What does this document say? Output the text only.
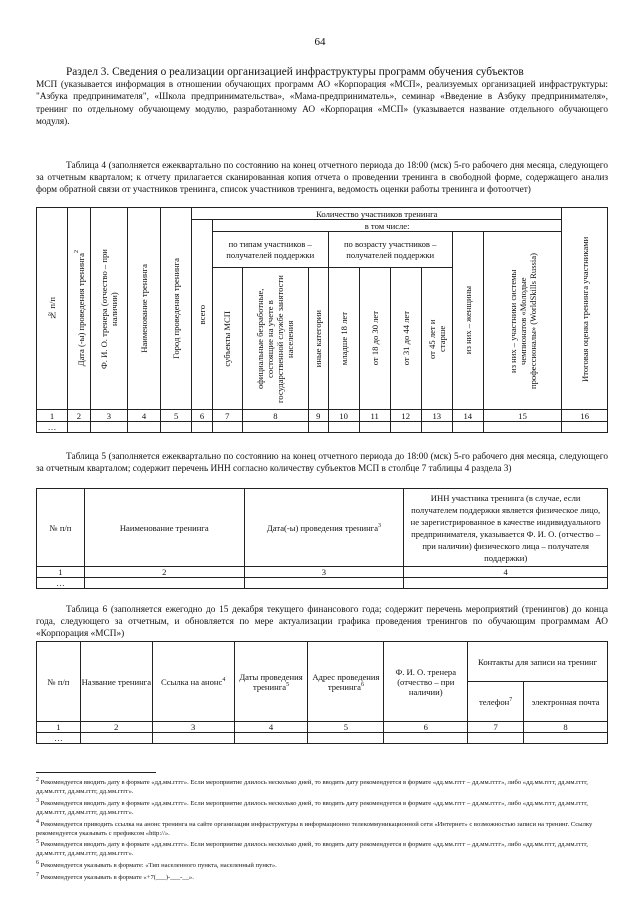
64
Раздел 3. Сведения о реализации организацией инфраструктуры программ обучения субъектов
МСП (указывается информация в отношении обучающих программ АО «Корпорация «МСП», реализуемых организацией инфраструктуры: "Азбука предпринимателя", «Школа предпринимательства», «Мама-предприниматель», семинар «Введение в Азбуку предпринимателя», тренинг по отдельному обучающему модулю, разработанному АО «Корпорация «МСП» (указывается название отдельного обучающего модуля).
Таблица 4 (заполняется ежеквартально по состоянию на конец отчетного периода до 18:00 (мск) 5-го рабочего дня месяца, следующего за отчетным кварталом; к отчету прилагается сканированная копия отчета о проведении тренинга в свободной форме, содержащего анализ форм обратной связи от участников тренинга, список участников тренинга, ведомость оценки работы тренинга и фотоотчет)
№ п/п	Дата (-ы) проведения тренинга$^2$	Ф. И. О. тренера (отчество – при наличии)	Наименование тренинга	Город проведения тренинга	Количество участников тренинга										Итоговая оценка тренинга участниками

					всего	в том числе:									
						по типам участников – получателей поддержки			по возрасту участников – получателей поддержки				из них – женщины	из них – участники системы чемпионатов «Молодые профессионалы» (WorldSkills Russia)	

						субъекты МСП	официальные безработные, состоящие на учете в государственной службе занятости населения	иные категории	младше 18 лет	от 18 до 30 лет	от 31 до 44 лет	от 45 лет и старше			

1	2	3	4	5	6	7	8	9	10	11	12	13	14	15	16
…															
Таблица 5 (заполняется ежеквартально по состоянию на конец отчетного периода до 18:00 (мск) 5-го рабочего дня месяца, следующего за отчетным кварталом; содержит перечень ИНН согласно количеству субъектов МСП в столбце 7 таблицы 4 раздела 3)
№ п/п	Наименование тренинга	Дата(-ы) проведения тренинга$^3$	ИНН участника тренинга (в случае, если получателем поддержки является физическое лицо, не зарегистрированное в качестве индивидуального предпринимателя, указывается Ф. И. О. (отчество – при наличии) физического лица – получателя поддержки)
1	2	3	4
…			
Таблица 6 (заполняется ежегодно до 15 декабря текущего финансового года; содержит перечень мероприятий (тренингов) до конца года, следующего за отчетным, и обновляется по мере актуализации графика проведения тренингов по обучающим программам АО «Корпорация «МСП»)
№ п/п	Название тренинга	Ссылка на анонс$^4$	Даты проведения тренинга$^5$	Адрес проведения тренинга$^6$	Ф. И. О. тренера (отчество – при наличии)	Контакты для записи на тренинг	
						телефон$^7$	электронная почта
1	2	3	4	5	6	7	8
…							

$^2$ Рекомендуется вводить дату в формате «дд.мм.гггг». Если мероприятие длилось несколько дней, то вводить дату рекомендуется в формате «дд.мм.гггг – дд.мм.гггг», либо «дд.мм.гггг, дд.мм.гггг, дд.мм.гггг, дд.мм.гггг, дд.мм.гггг».

$^3$ Рекомендуется вводить дату в формате «дд.мм.гггг». Если мероприятие длилось несколько дней, то вводить дату рекомендуется в формате «дд.мм.гггг – дд.мм.гггг», либо «дд.мм.гггг, дд.мм.гггг, дд.мм.гггг, дд.мм.гггг, дд.мм.гггг».

$^4$ Рекомендуется приводить ссылка на анонс тренинга на сайте организации инфраструктуры в информационно телекоммуникационной сети «Интернет» с возможностью записи на тренинг. Ссылку рекомендуется указывать с префиксом «http://».

$^5$ Рекомендуется вводить дату в формате «дд.мм.гггг». Если мероприятие длилось несколько дней, то вводить дату рекомендуется в формате «дд.мм.гггг – дд.мм.гггг», либо «дд.мм.гггг, дд.мм.гггг, дд.мм.гггг, дд.мм.гггг, дд.мм.гггг».

$^6$ Рекомендуется указывать в формате: «Тип населенного пункта, населенный пункт».

$^7$ Рекомендуется указывать в формате «+7(___)-___-__».
